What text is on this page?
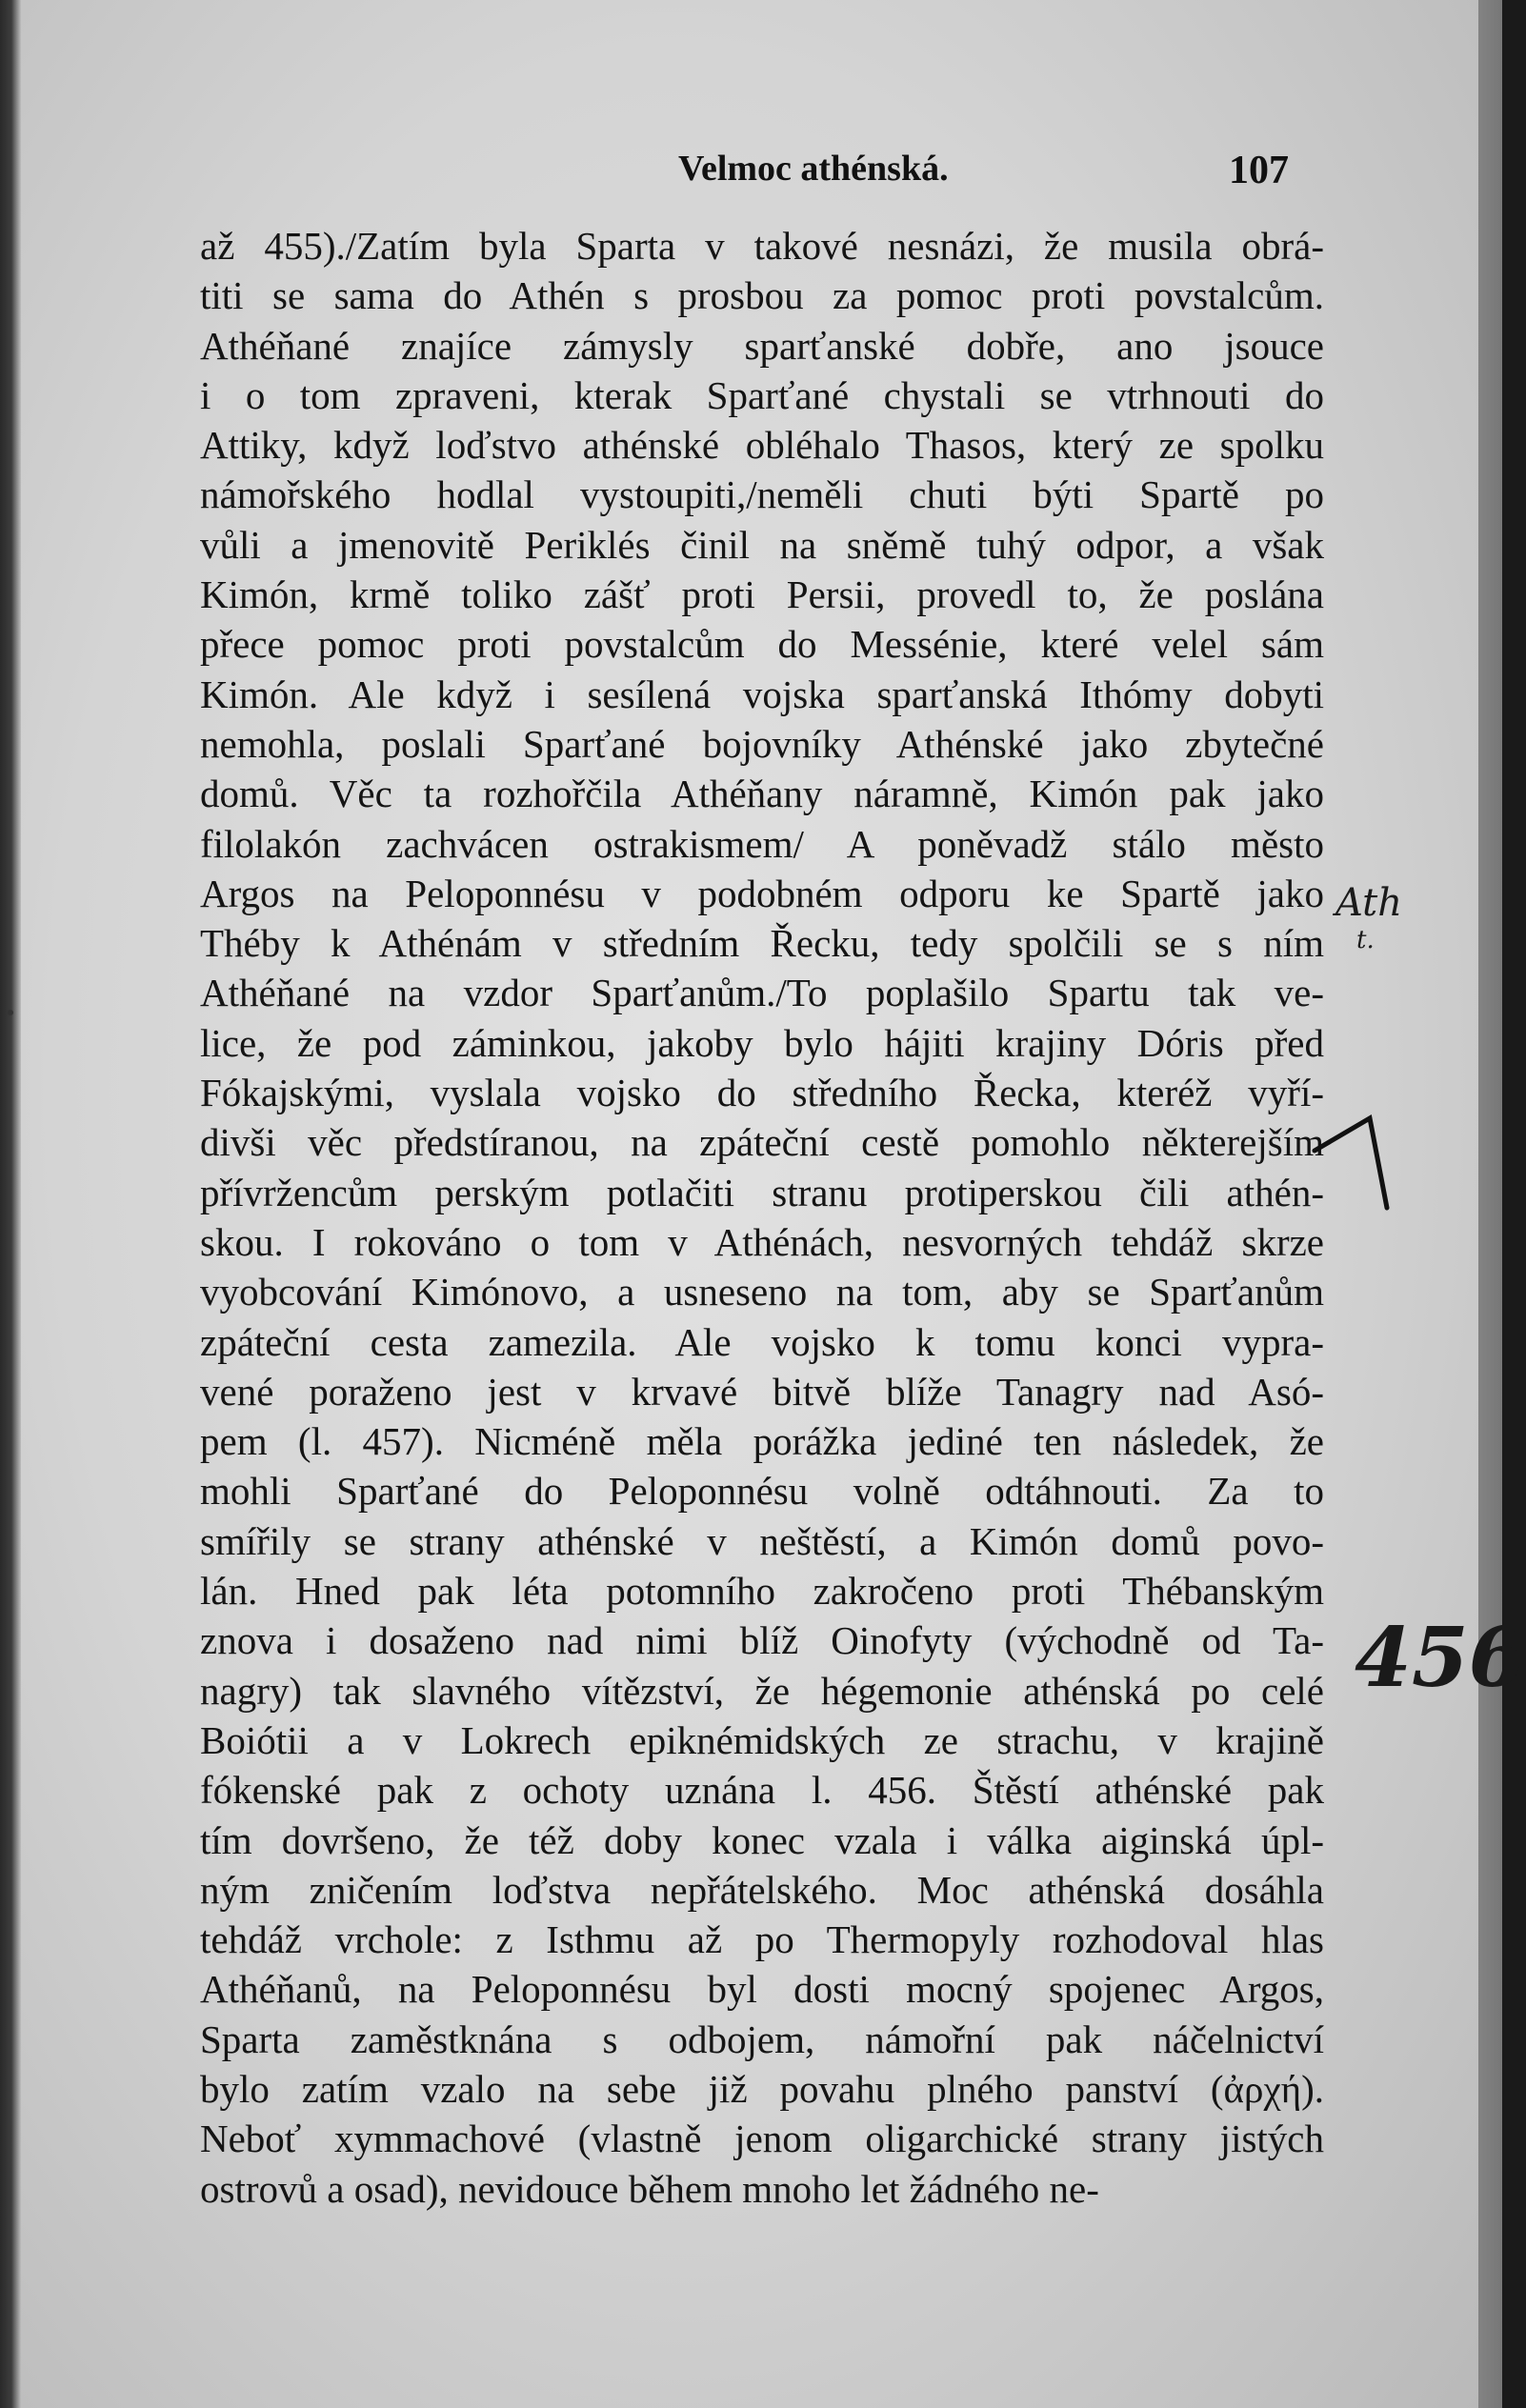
Velmoc athénská.	107
až 455)./Zatím byla Sparta v takové nesnázi, že musila obrá-
titi se sama do Athén s prosbou za pomoc proti povstalcům.
Athéňané znajíce zámysly sparťanské dobře, ano jsouce
i o tom zpraveni, kterak Sparťané chystali se vtrhnouti do
Attiky, když loďstvo athénské obléhalo Thasos, který ze spolku
námořského hodlal vystoupiti,/neměli chuti býti Spartě po
vůli a jmenovitě Periklés činil na sněmě tuhý odpor, a však
Kimón, krmě toliko zášť proti Persii, provedl to, že poslána
přece pomoc proti povstalcům do Messénie, které velel sám
Kimón. Ale když i sesílená vojska sparťanská Ithómy dobyti
nemohla, poslali Sparťané bojovníky Athénské jako zbytečné
domů. Věc ta rozhořčila Athéňany náramně, Kimón pak jako
filolakón zachvácen ostrakismem/ A poněvadž stálo město
Argos na Peloponnésu v podobném odporu ke Spartě jako
Théby k Athénám v středním Řecku, tedy spolčili se s ním
Athéňané na vzdor Sparťanům./To poplašilo Spartu tak ve-
lice, že pod záminkou, jakoby bylo hájiti krajiny Dóris před
Fókajskými, vyslala vojsko do středního Řecka, kteréž vyří-
divši věc předstíranou, na zpáteční cestě pomohlo některejším
přívržencům perským potlačiti stranu protiperskou čili athén-
skou. I rokováno o tom v Athénách, nesvorných tehdáž skrze
vyobcování Kimónovo, a usneseno na tom, aby se Sparťanům
zpáteční cesta zamezila. Ale vojsko k tomu konci vypra-
vené poraženo jest v krvavé bitvě blíže Tanagry nad Asó-
pem (l. 457). Nicméně měla porážka jediné ten následek, že
mohli Sparťané do Peloponnésu volně odtáhnouti. Za to
smířily se strany athénské v neštěstí, a Kimón domů povo-
lán. Hned pak léta potomního zakročeno proti Thébanským
znova i dosaženo nad nimi blíž Oinofyty (východně od Ta-
nagry) tak slavného vítězství, že hégemonie athénská po celé
Boiótii a v Lokrech epiknémidských ze strachu, v krajině
fókenské pak z ochoty uznána l. 456. Štěstí athénské pak
tím dovršeno, že též doby konec vzala i válka aiginská úpl-
ným zničením loďstva nepřátelského. Moc athénská dosáhla
tehdáž vrchole: z Isthmu až po Thermopyly rozhodoval hlas
Athéňanů, na Peloponnésu byl dosti mocný spojenec Argos,
Sparta zaměstknána s odbojem, námořní pak náčelnictví
bylo zatím vzalo na sebe již povahu plného panství (ἀρχή).
Neboť xymmachové (vlastně jenom oligarchické strany jistých
ostrovů a osad), nevidouce během mnoho let žádného ne-
Ath
t.
456
